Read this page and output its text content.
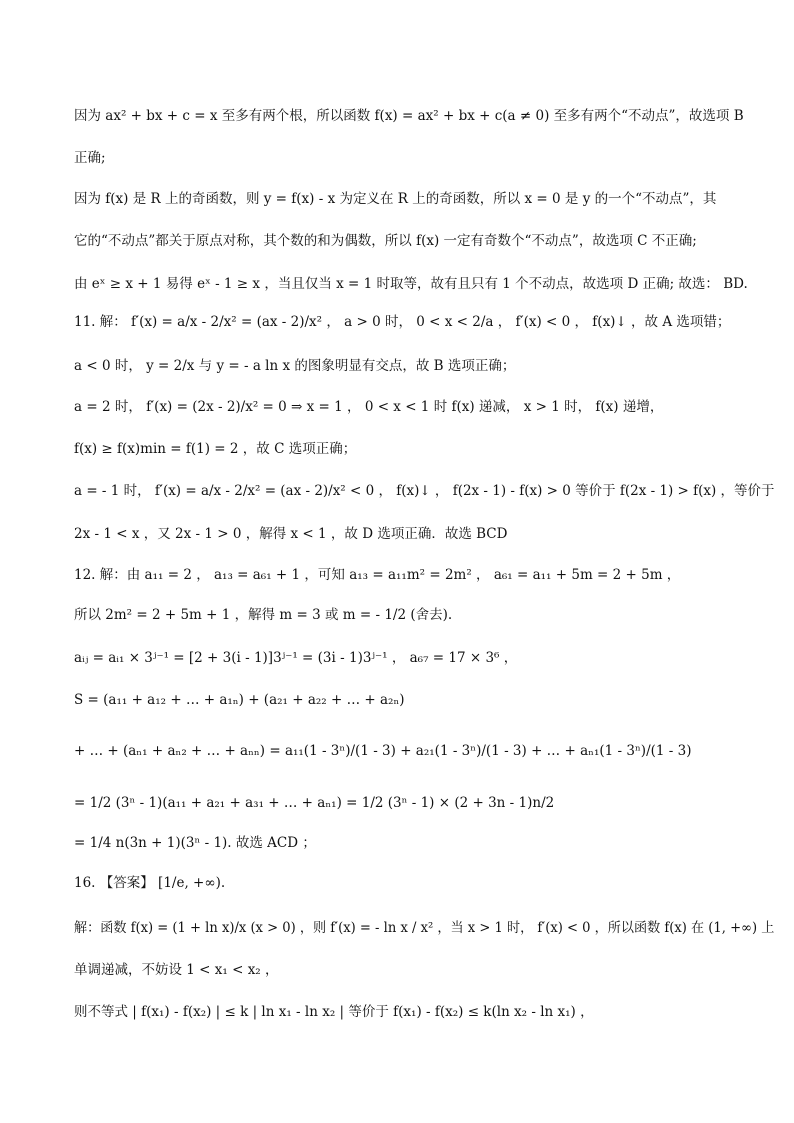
因为 ax² + bx + c = x 至多有两个根，所以函数 f(x) = ax² + bx + c(a ≠ 0) 至多有两个“不动点”，故选项 B
正确;
因为 f(x) 是 R 上的奇函数，则 y = f(x) - x 为定义在 R 上的奇函数，所以 x = 0 是 y 的一个“不动点”，其
它的“不动点”都关于原点对称，其个数的和为偶数，所以 f(x) 一定有奇数个“不动点”，故选项 C 不正确;
由 eˣ ≥ x + 1 易得 eˣ - 1 ≥ x ，当且仅当 x = 1 时取等，故有且只有 1 个不动点，故选项 D 正确; 故选： BD.
11. 解： f′(x) = a/x - 2/x² = (ax - 2)/x² ， a > 0 时， 0 < x < 2/a ， f′(x) < 0 ， f(x)↓ ，故 A 选项错；
a < 0 时， y = 2/x 与 y = - a ln x 的图象明显有交点，故 B 选项正确；
a = 2 时， f′(x) = (2x - 2)/x² = 0 ⇒ x = 1 ， 0 < x < 1 时 f(x) 递减， x > 1 时， f(x) 递增，
f(x) ≥ f(x)min = f(1) = 2 ，故 C 选项正确；
a = - 1 时， f′(x) = a/x - 2/x² = (ax - 2)/x² < 0 ， f(x)↓ ， f(2x - 1) - f(x) > 0 等价于 f(2x - 1) > f(x) ，等价于
2x - 1 < x ，又 2x - 1 > 0 ，解得 x < 1 ，故 D 选项正确．故选 BCD
12. 解：由 a₁₁ = 2 ， a₁₃ = a₆₁ + 1 ，可知 a₁₃ = a₁₁m² = 2m² ， a₆₁ = a₁₁ + 5m = 2 + 5m ，
所以 2m² = 2 + 5m + 1 ，解得 m = 3 或 m = - 1/2 (舍去).
aᵢⱼ = aᵢ₁ × 3ʲ⁻¹ = [2 + 3(i - 1)]3ʲ⁻¹ = (3i - 1)3ʲ⁻¹ ， a₆₇ = 17 × 3⁶ ，
S = (a₁₁ + a₁₂ + … + a₁ₙ) + (a₂₁ + a₂₂ + … + a₂ₙ)
+ … + (aₙ₁ + aₙ₂ + … + aₙₙ) = a₁₁(1 - 3ⁿ)/(1 - 3) + a₂₁(1 - 3ⁿ)/(1 - 3) + … + aₙ₁(1 - 3ⁿ)/(1 - 3)
= 1/2 (3ⁿ - 1)(a₁₁ + a₂₁ + a₃₁ + … + aₙ₁) = 1/2 (3ⁿ - 1) × (2 + 3n - 1)n/2
= 1/4 n(3n + 1)(3ⁿ - 1). 故选 ACD ；
16. 【答案】 [1/e, +∞).
解：函数 f(x) = (1 + ln x)/x (x > 0) ，则 f′(x) = - ln x / x² ，当 x > 1 时， f′(x) < 0 ，所以函数 f(x) 在 (1, +∞) 上
单调递减，不妨设 1 < x₁ < x₂ ，
则不等式 | f(x₁) - f(x₂) | ≤ k | ln x₁ - ln x₂ | 等价于 f(x₁) - f(x₂) ≤ k(ln x₂ - ln x₁) ，
